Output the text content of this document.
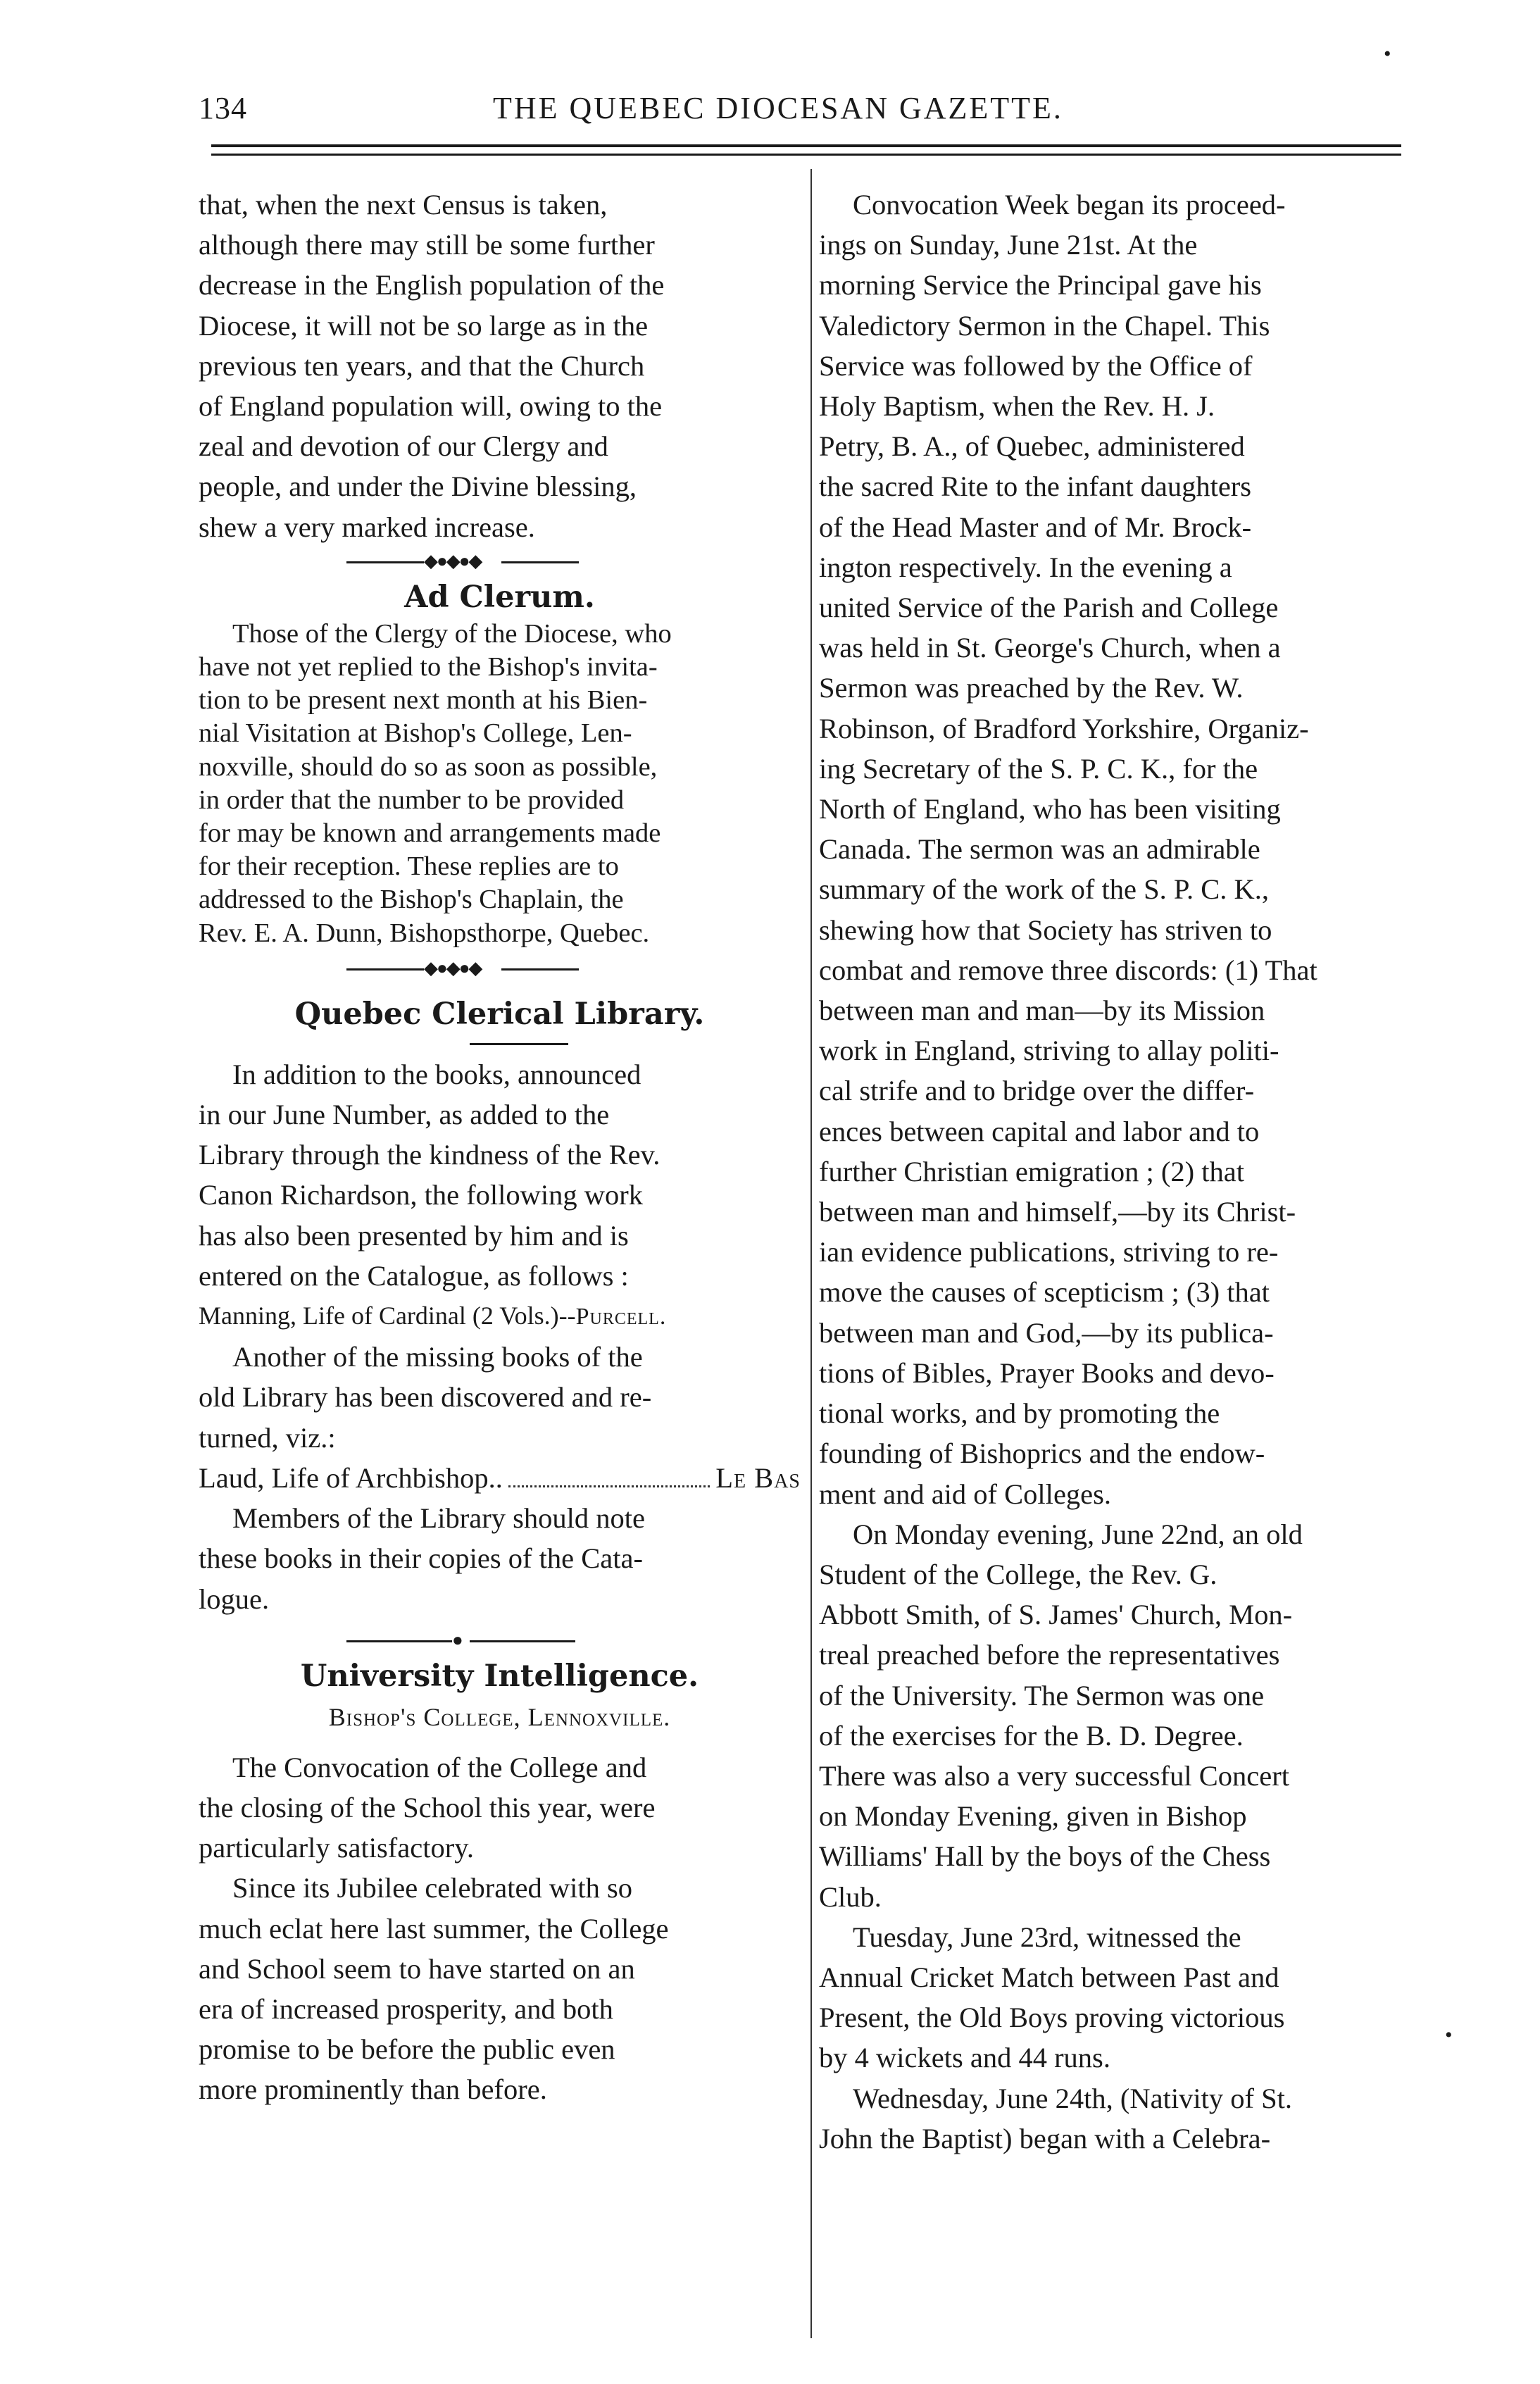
•
134	THE QUEBEC DIOCESAN GAZETTE.

that, when the next Census is taken,
although there may still be some further
decrease in the English population of the
Diocese, it will not be so large as in the
previous ten years, and that the Church
of England population will, owing to the
zeal and devotion of our Clergy and
people, and under the Divine blessing,
shew a very marked increase.

◆●◆●◆
Ad Clerum.

Those of the Clergy of the Diocese, who
have not yet replied to the Bishop's invita-
tion to be present next month at his Bien-
nial Visitation at Bishop's College, Len-
noxville, should do so as soon as possible,
in order that the number to be provided
for may be known and arrangements made
for their reception. These replies are to
addressed to the Bishop's Chaplain, the
Rev. E. A. Dunn, Bishopsthorpe, Quebec.

◆●◆●◆
Quebec Clerical Library.

In addition to the books, announced
in our June Number, as added to the
Library through the kindness of the Rev.
Canon Richardson, the following work
has also been presented by him and is
entered on the Catalogue, as follows :

Manning, Life of Cardinal (2 Vols.)--Purcell.

Another of the missing books of the
old Library has been discovered and re-
turned, viz.:

Laud, Life of Archbishop..	Le Bas

Members of the Library should note
these books in their copies of the Cata-
logue.

●
University Intelligence.
Bishop's College, Lennoxville.

The Convocation of the College and
the closing of the School this year, were
particularly satisfactory.

Since its Jubilee celebrated with so
much eclat here last summer, the College
and School seem to have started on an
era of increased prosperity, and both
promise to be before the public even
more prominently than before.

Convocation Week began its proceed-
ings on Sunday, June 21st. At the
morning Service the Principal gave his
Valedictory Sermon in the Chapel. This
Service was followed by the Office of
Holy Baptism, when the Rev. H. J.
Petry, B. A., of Quebec, administered
the sacred Rite to the infant daughters
of the Head Master and of Mr. Brock-
ington respectively. In the evening a
united Service of the Parish and College
was held in St. George's Church, when a
Sermon was preached by the Rev. W.
Robinson, of Bradford Yorkshire, Organiz-
ing Secretary of the S. P. C. K., for the
North of England, who has been visiting
Canada. The sermon was an admirable
summary of the work of the S. P. C. K.,
shewing how that Society has striven to
combat and remove three discords: (1) That
between man and man—by its Mission
work in England, striving to allay politi-
cal strife and to bridge over the differ-
ences between capital and labor and to
further Christian emigration ; (2) that
between man and himself,—by its Christ-
ian evidence publications, striving to re-
move the causes of scepticism ; (3) that
between man and God,—by its publica-
tions of Bibles, Prayer Books and devo-
tional works, and by promoting the
founding of Bishoprics and the endow-
ment and aid of Colleges.

On Monday evening, June 22nd, an old
Student of the College, the Rev. G.
Abbott Smith, of S. James' Church, Mon-
treal preached before the representatives
of the University. The Sermon was one
of the exercises for the B. D. Degree.
There was also a very successful Concert
on Monday Evening, given in Bishop
Williams' Hall by the boys of the Chess
Club.

Tuesday, June 23rd, witnessed the
Annual Cricket Match between Past and
Present, the Old Boys proving victorious
by 4 wickets and 44 runs.

Wednesday, June 24th, (Nativity of St.
John the Baptist) began with a Celebra-

•
